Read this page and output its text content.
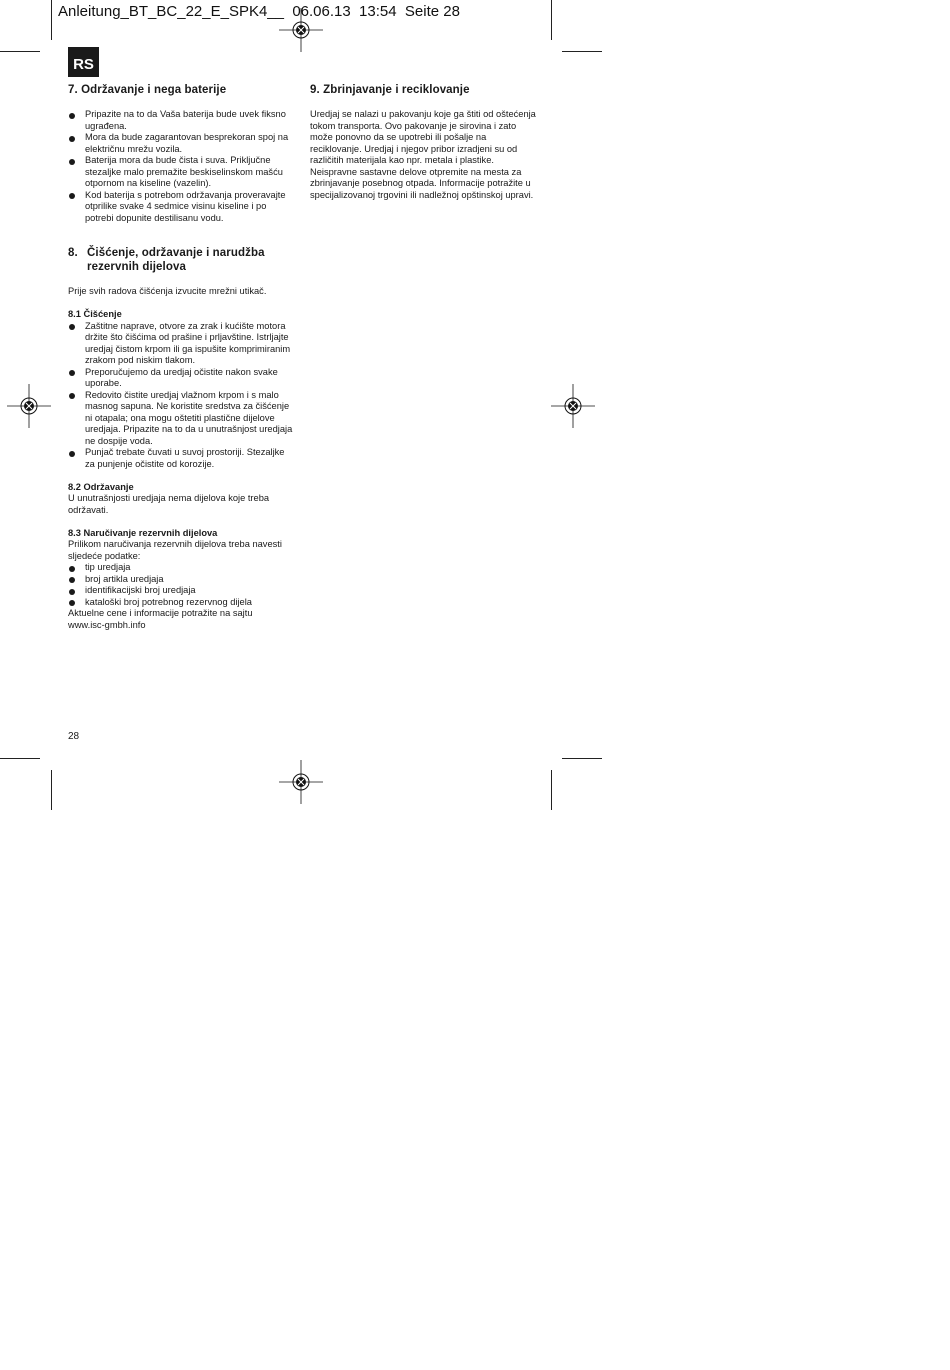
Anleitung_BT_BC_22_E_SPK4__  06.06.13  13:54  Seite 28
RS
7. Održavanje i nega baterije
Pripazite na to da Vaša baterija bude uvek fiksno ugrađena.
Mora da bude zagarantovan besprekoran spoj na električnu mrežu vozila.
Baterija mora da bude čista i suva. Priključne stezaljke malo premažite beskiselinskom mašću otpornom na kiseline (vazelin).
Kod baterija s potrebom održavanja proveravajte otprilike svake 4 sedmice visinu kiseline i po potrebi dopunite destilisanu vodu.
9. Zbrinjavanje i reciklovanje

Uredjaj se nalazi u pakovanju koje ga štiti od oštećenja tokom transporta. Ovo pakovanje je sirovina i zato može ponovno da se upotrebi ili pošalje na reciklovanje. Uredjaj i njegov pribor izradjeni su od različitih materijala kao npr. metala i plastike. Neispravne sastavne delove otpremite na mesta za zbrinjavanje posebnog otpada. Informacije potražite u specijalizovanoj trgovini ili nadležnoj opštinskoj upravi.

8. Čišćenje, održavanje i narudžba
rezervnih dijelova

Prije svih radova čišćenja izvucite mrežni utikač.

8.1 Čišćenje

Zaštitne naprave, otvore za zrak i kućište motora držite što čišćima od prašine i prljavštine. Istrljajte uredjaj čistom krpom ili ga ispušite komprimiranim zrakom pod niskim tlakom.
Preporučujemo da uredjaj očistite nakon svake uporabe.
Redovito čistite uredjaj vlažnom krpom i s malo masnog sapuna. Ne koristite sredstva za čišćenje ni otapala; ona mogu oštetiti plastične dijelove uredjaja. Pripazite na to da u unutrašnjost uredjaja ne dospije voda.
Punjač trebate čuvati u suvoj prostoriji. Stezaljke za punjenje očistite od korozije.

8.2 Održavanje

U unutrašnjosti uredjaja nema dijelova koje treba održavati.

8.3 Naručivanje rezervnih dijelova

Prilikom naručivanja rezervnih dijelova treba navesti sljedeće podatke:

tip uredjaja
broj artikla uredjaja
identifikacijski broj uredjaja
kataloški broj potrebnog rezervnog dijela

Aktuelne cene i informacije potražite na sajtu

www.isc-gmbh.info

28
